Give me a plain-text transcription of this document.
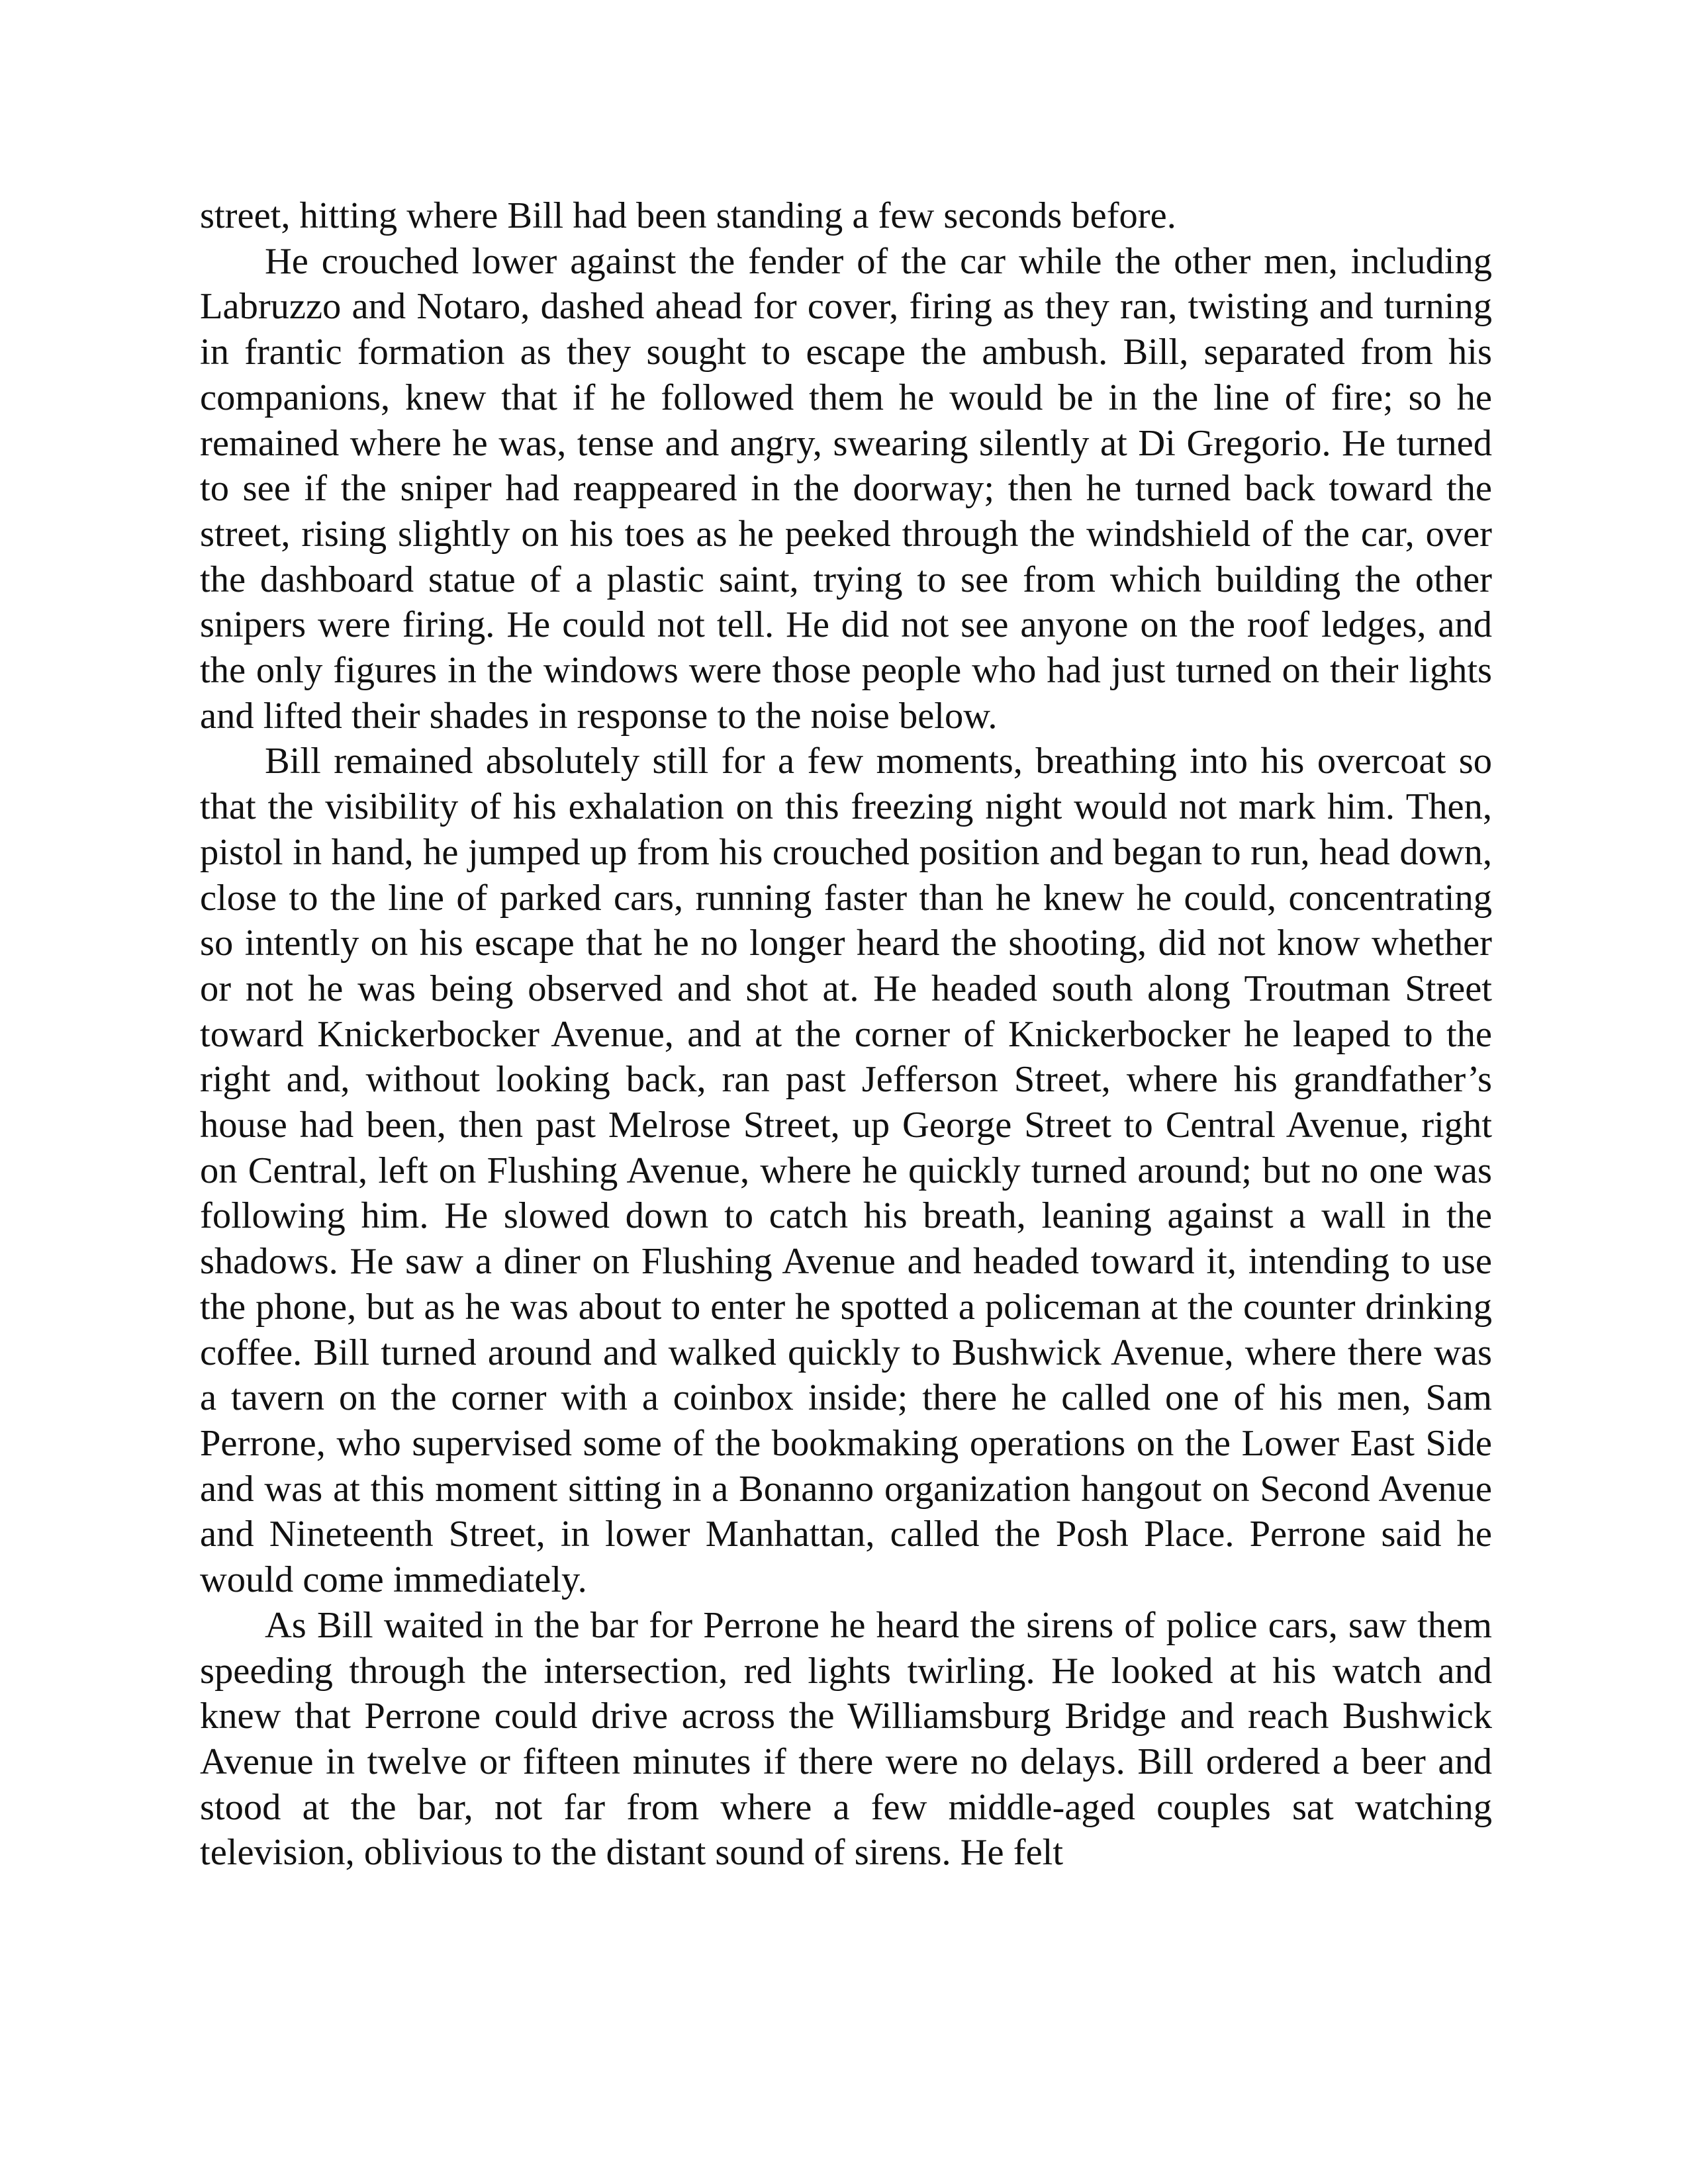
street, hitting where Bill had been standing a few seconds before.

He crouched lower against the fender of the car while the other men, including Labruzzo and Notaro, dashed ahead for cover, firing as they ran, twisting and turning in frantic formation as they sought to escape the ambush. Bill, separated from his companions, knew that if he followed them he would be in the line of fire; so he remained where he was, tense and angry, swearing silently at Di Gregorio. He turned to see if the sniper had reappeared in the doorway; then he turned back toward the street, rising slightly on his toes as he peeked through the windshield of the car, over the dashboard statue of a plastic saint, trying to see from which building the other snipers were firing. He could not tell. He did not see anyone on the roof ledges, and the only figures in the windows were those people who had just turned on their lights and lifted their shades in response to the noise below.

Bill remained absolutely still for a few moments, breathing into his overcoat so that the visibility of his exhalation on this freezing night would not mark him. Then, pistol in hand, he jumped up from his crouched position and began to run, head down, close to the line of parked cars, running faster than he knew he could, concentrating so intently on his escape that he no longer heard the shooting, did not know whether or not he was being observed and shot at. He headed south along Troutman Street toward Knickerbocker Avenue, and at the corner of Knickerbocker he leaped to the right and, without looking back, ran past Jefferson Street, where his grandfather’s house had been, then past Melrose Street, up George Street to Central Avenue, right on Central, left on Flushing Avenue, where he quickly turned around; but no one was following him. He slowed down to catch his breath, leaning against a wall in the shadows. He saw a diner on Flushing Avenue and headed toward it, intending to use the phone, but as he was about to enter he spotted a policeman at the counter drinking coffee. Bill turned around and walked quickly to Bushwick Avenue, where there was a tavern on the corner with a coinbox inside; there he called one of his men, Sam Perrone, who supervised some of the bookmaking operations on the Lower East Side and was at this moment sitting in a Bonanno organization hangout on Second Avenue and Nineteenth Street, in lower Manhattan, called the Posh Place. Perrone said he would come immediately.

As Bill waited in the bar for Perrone he heard the sirens of police cars, saw them speeding through the intersection, red lights twirling. He looked at his watch and knew that Perrone could drive across the Williamsburg Bridge and reach Bushwick Avenue in twelve or fifteen minutes if there were no delays. Bill ordered a beer and stood at the bar, not far from where a few middle-aged couples sat watching television, oblivious to the distant sound of sirens. He felt
